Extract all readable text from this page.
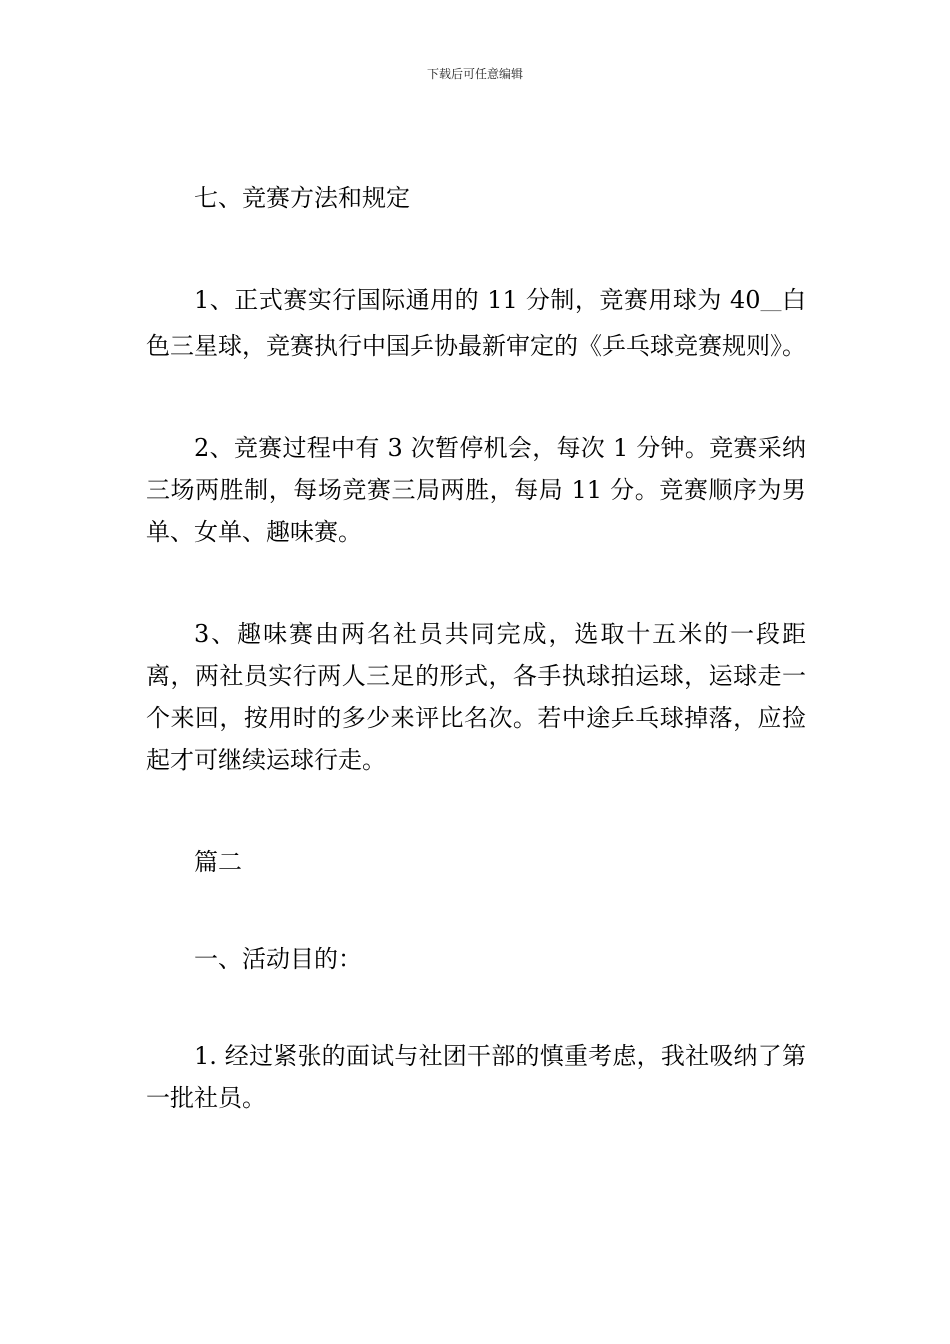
下载后可任意编辑

七、竞赛方法和规定

1、正式赛实行国际通用的 11 分制，竞赛用球为 40___白色三星球，竞赛执行中国乒协最新审定的《乒乓球竞赛规则》。

2、竞赛过程中有 3 次暂停机会，每次 1 分钟。竞赛采纳三场两胜制，每场竞赛三局两胜，每局 11 分。竞赛顺序为男单、女单、趣味赛。

3、趣味赛由两名社员共同完成，选取十五米的一段距离，两社员实行两人三足的形式，各手执球拍运球，运球走一个来回，按用时的多少来评比名次。若中途乒乓球掉落，应捡起才可继续运球行走。

篇二

一、活动目的：

1. 经过紧张的面试与社团干部的慎重考虑，我社吸纳了第一批社员。
